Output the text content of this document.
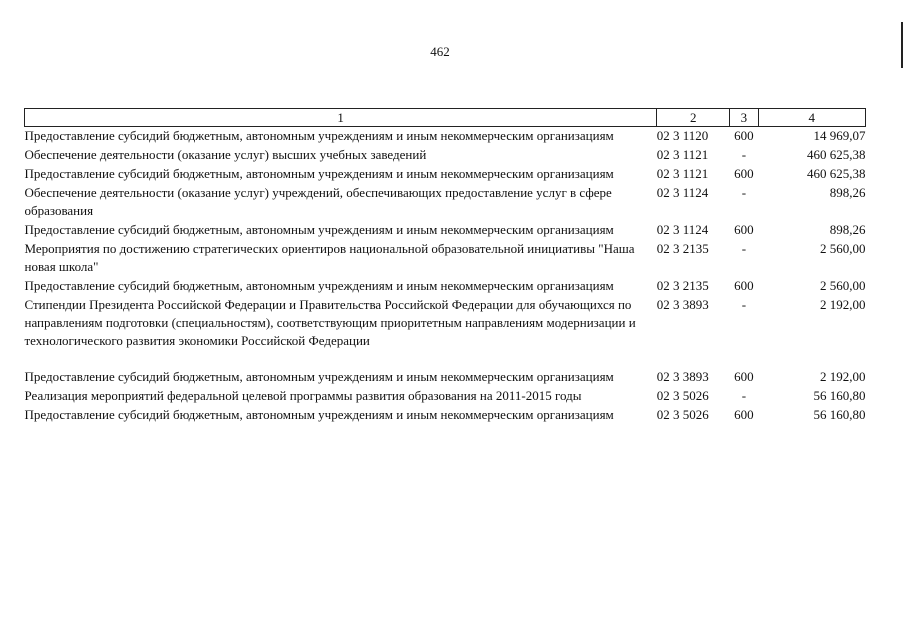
462
1	2	3	4
Предоставление субсидий бюджетным, автономным учреждениям и иным некоммерческим организациям	02 3 1120	600	14 969,07
Обеспечение деятельности (оказание услуг) высших учебных заведений	02 3 1121	-	460 625,38
Предоставление субсидий бюджетным, автономным учреждениям и иным некоммерческим организациям	02 3 1121	600	460 625,38
Обеспечение деятельности (оказание услуг) учреждений, обеспечивающих предоставление услуг в сфере образования	02 3 1124	-	898,26
Предоставление субсидий бюджетным, автономным учреждениям и иным некоммерческим организациям	02 3 1124	600	898,26
Мероприятия по достижению стратегических ориентиров национальной образовательной инициативы "Наша новая школа"	02 3 2135	-	2 560,00
Предоставление субсидий бюджетным, автономным учреждениям и иным некоммерческим организациям	02 3 2135	600	2 560,00
Стипендии Президента Российской Федерации и Правительства Российской Федерации для обучающихся по направлениям подготовки (специальностям), соответствующим приоритетным направлениям модернизации и технологического развития экономики Российской Федерации	02 3 3893	-	2 192,00
Предоставление субсидий бюджетным, автономным учреждениям и иным некоммерческим организациям	02 3 3893	600	2 192,00
Реализация мероприятий федеральной целевой программы развития образования на 2011-2015 годы	02 3 5026	-	56 160,80
Предоставление субсидий бюджетным, автономным учреждениям и иным некоммерческим организациям	02 3 5026	600	56 160,80
